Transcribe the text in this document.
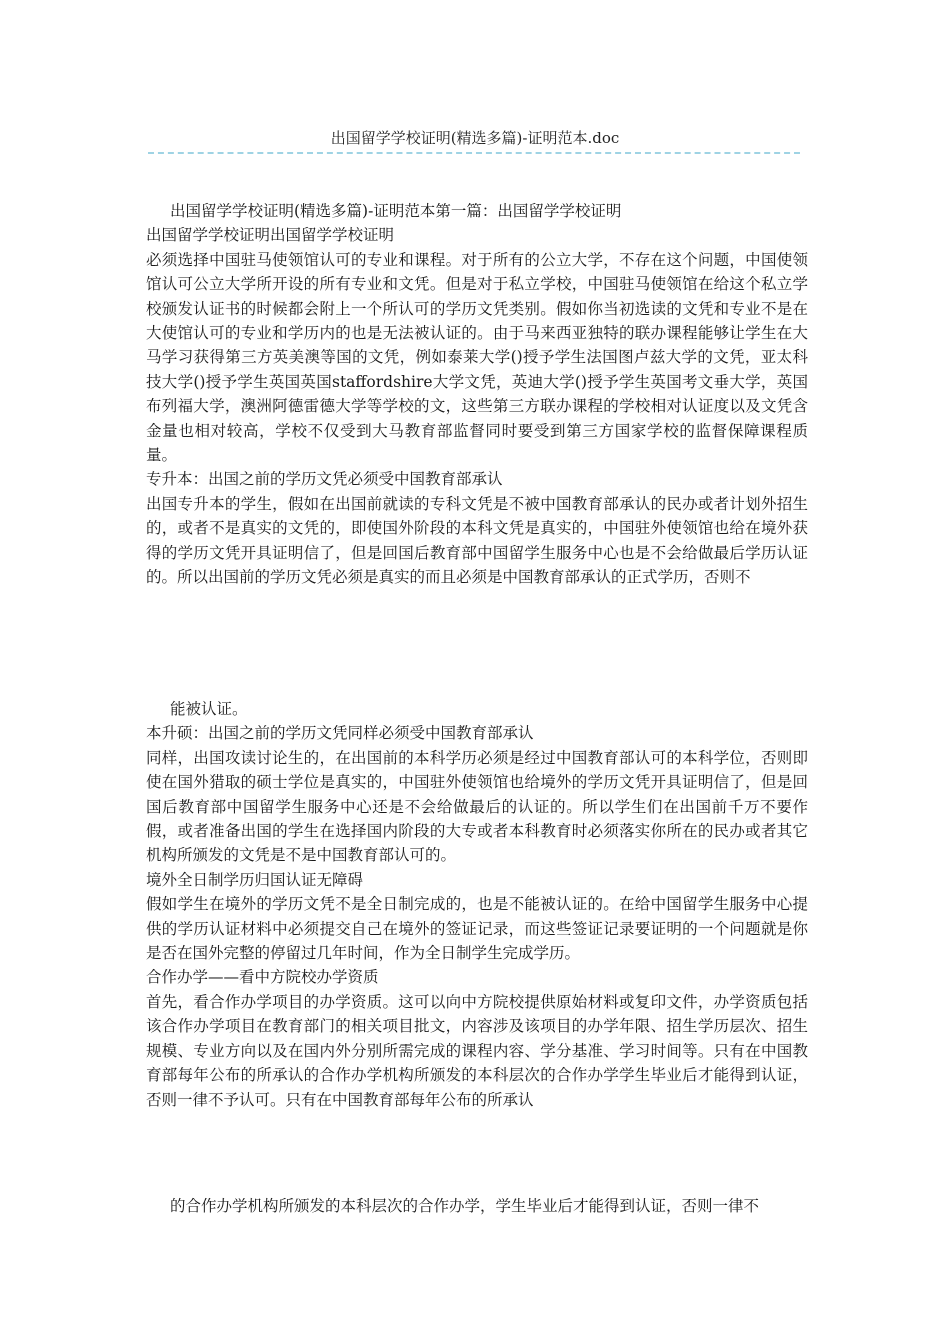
出国留学学校证明(精选多篇)-证明范本.doc

出国留学学校证明(精选多篇)-证明范本第一篇：出国留学学校证明

出国留学学校证明出国留学学校证明

必须选择中国驻马使领馆认可的专业和课程。对于所有的公立大学，不存在这个问题，中国使领馆认可公立大学所开设的所有专业和文凭。但是对于私立学校，中国驻马使领馆在给这个私立学校颁发认证书的时候都会附上一个所认可的学历文凭类别。假如你当初选读的文凭和专业不是在大使馆认可的专业和学历内的也是无法被认证的。由于马来西亚独特的联办课程能够让学生在大马学习获得第三方英美澳等国的文凭，例如泰莱大学()授予学生法国图卢兹大学的文凭，亚太科技大学()授予学生英国英国staffordshire大学文凭，英迪大学()授予学生英国考文垂大学，英国布列福大学，澳洲阿德雷德大学等学校的文，这些第三方联办课程的学校相对认证度以及文凭含金量也相对较高，学校不仅受到大马教育部监督同时要受到第三方国家学校的监督保障课程质量。

专升本：出国之前的学历文凭必须受中国教育部承认

出国专升本的学生，假如在出国前就读的专科文凭是不被中国教育部承认的民办或者计划外招生的，或者不是真实的文凭的，即使国外阶段的本科文凭是真实的，中国驻外使领馆也给在境外获得的学历文凭开具证明信了，但是回国后教育部中国留学生服务中心也是不会给做最后学历认证的。所以出国前的学历文凭必须是真实的而且必须是中国教育部承认的正式学历，否则不

能被认证。

本升硕：出国之前的学历文凭同样必须受中国教育部承认

同样，出国攻读讨论生的，在出国前的本科学历必须是经过中国教育部认可的本科学位，否则即使在国外猎取的硕士学位是真实的，中国驻外使领馆也给境外的学历文凭开具证明信了，但是回国后教育部中国留学生服务中心还是不会给做最后的认证的。所以学生们在出国前千万不要作假，或者准备出国的学生在选择国内阶段的大专或者本科教育时必须落实你所在的民办或者其它机构所颁发的文凭是不是中国教育部认可的。

境外全日制学历归国认证无障碍

假如学生在境外的学历文凭不是全日制完成的，也是不能被认证的。在给中国留学生服务中心提供的学历认证材料中必须提交自己在境外的签证记录，而这些签证记录要证明的一个问题就是你是否在国外完整的停留过几年时间，作为全日制学生完成学历。

合作办学——看中方院校办学资质

首先，看合作办学项目的办学资质。这可以向中方院校提供原始材料或复印文件，办学资质包括该合作办学项目在教育部门的相关项目批文，内容涉及该项目的办学年限、招生学历层次、招生规模、专业方向以及在国内外分别所需完成的课程内容、学分基准、学习时间等。只有在中国教育部每年公布的所承认的合作办学机构所颁发的本科层次的合作办学学生毕业后才能得到认证，否则一律不予认可。只有在中国教育部每年公布的所承认

的合作办学机构所颁发的本科层次的合作办学，学生毕业后才能得到认证，否则一律不
